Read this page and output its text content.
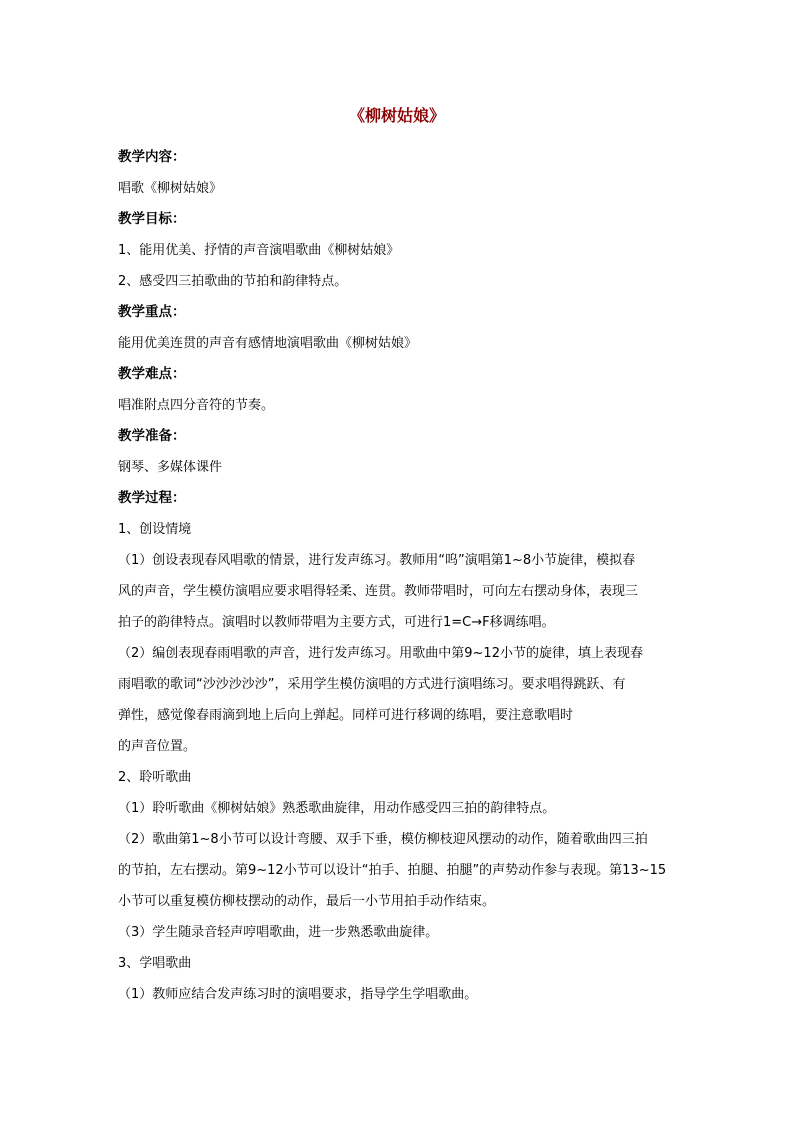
《柳树姑娘》
教学内容：
唱歌《柳树姑娘》
教学目标：
1、能用优美、抒情的声音演唱歌曲《柳树姑娘》
2、感受四三拍歌曲的节拍和韵律特点。
教学重点：
能用优美连贯的声音有感情地演唱歌曲《柳树姑娘》
教学难点：
唱准附点四分音符的节奏。
教学准备：
钢琴、多媒体课件
教学过程：
1、创设情境
（1）创设表现春风唱歌的情景，进行发声练习。教师用“呜”演唱第1~8小节旋律，模拟春
风的声音，学生模仿演唱应要求唱得轻柔、连贯。教师带唱时，可向左右摆动身体，表现三
拍子的韵律特点。演唱时以教师带唱为主要方式，可进行1=C→F移调练唱。
（2）编创表现春雨唱歌的声音，进行发声练习。用歌曲中第9~12小节的旋律，填上表现春
雨唱歌的歌词“沙沙沙沙沙”，采用学生模仿演唱的方式进行演唱练习。要求唱得跳跃、有
弹性，感觉像春雨滴到地上后向上弹起。同样可进行移调的练唱，要注意歌唱时
的声音位置。
2、聆听歌曲
（1）聆听歌曲《柳树姑娘》熟悉歌曲旋律，用动作感受四三拍的韵律特点。
（2）歌曲第1~8小节可以设计弯腰、双手下垂，模仿柳枝迎风摆动的动作，随着歌曲四三拍
的节拍，左右摆动。第9~12小节可以设计“拍手、拍腿、拍腿”的声势动作参与表现。第13~15
小节可以重复模仿柳枝摆动的动作，最后一小节用拍手动作结束。
（3）学生随录音轻声哼唱歌曲，进一步熟悉歌曲旋律。
3、学唱歌曲
（1）教师应结合发声练习时的演唱要求，指导学生学唱歌曲。
